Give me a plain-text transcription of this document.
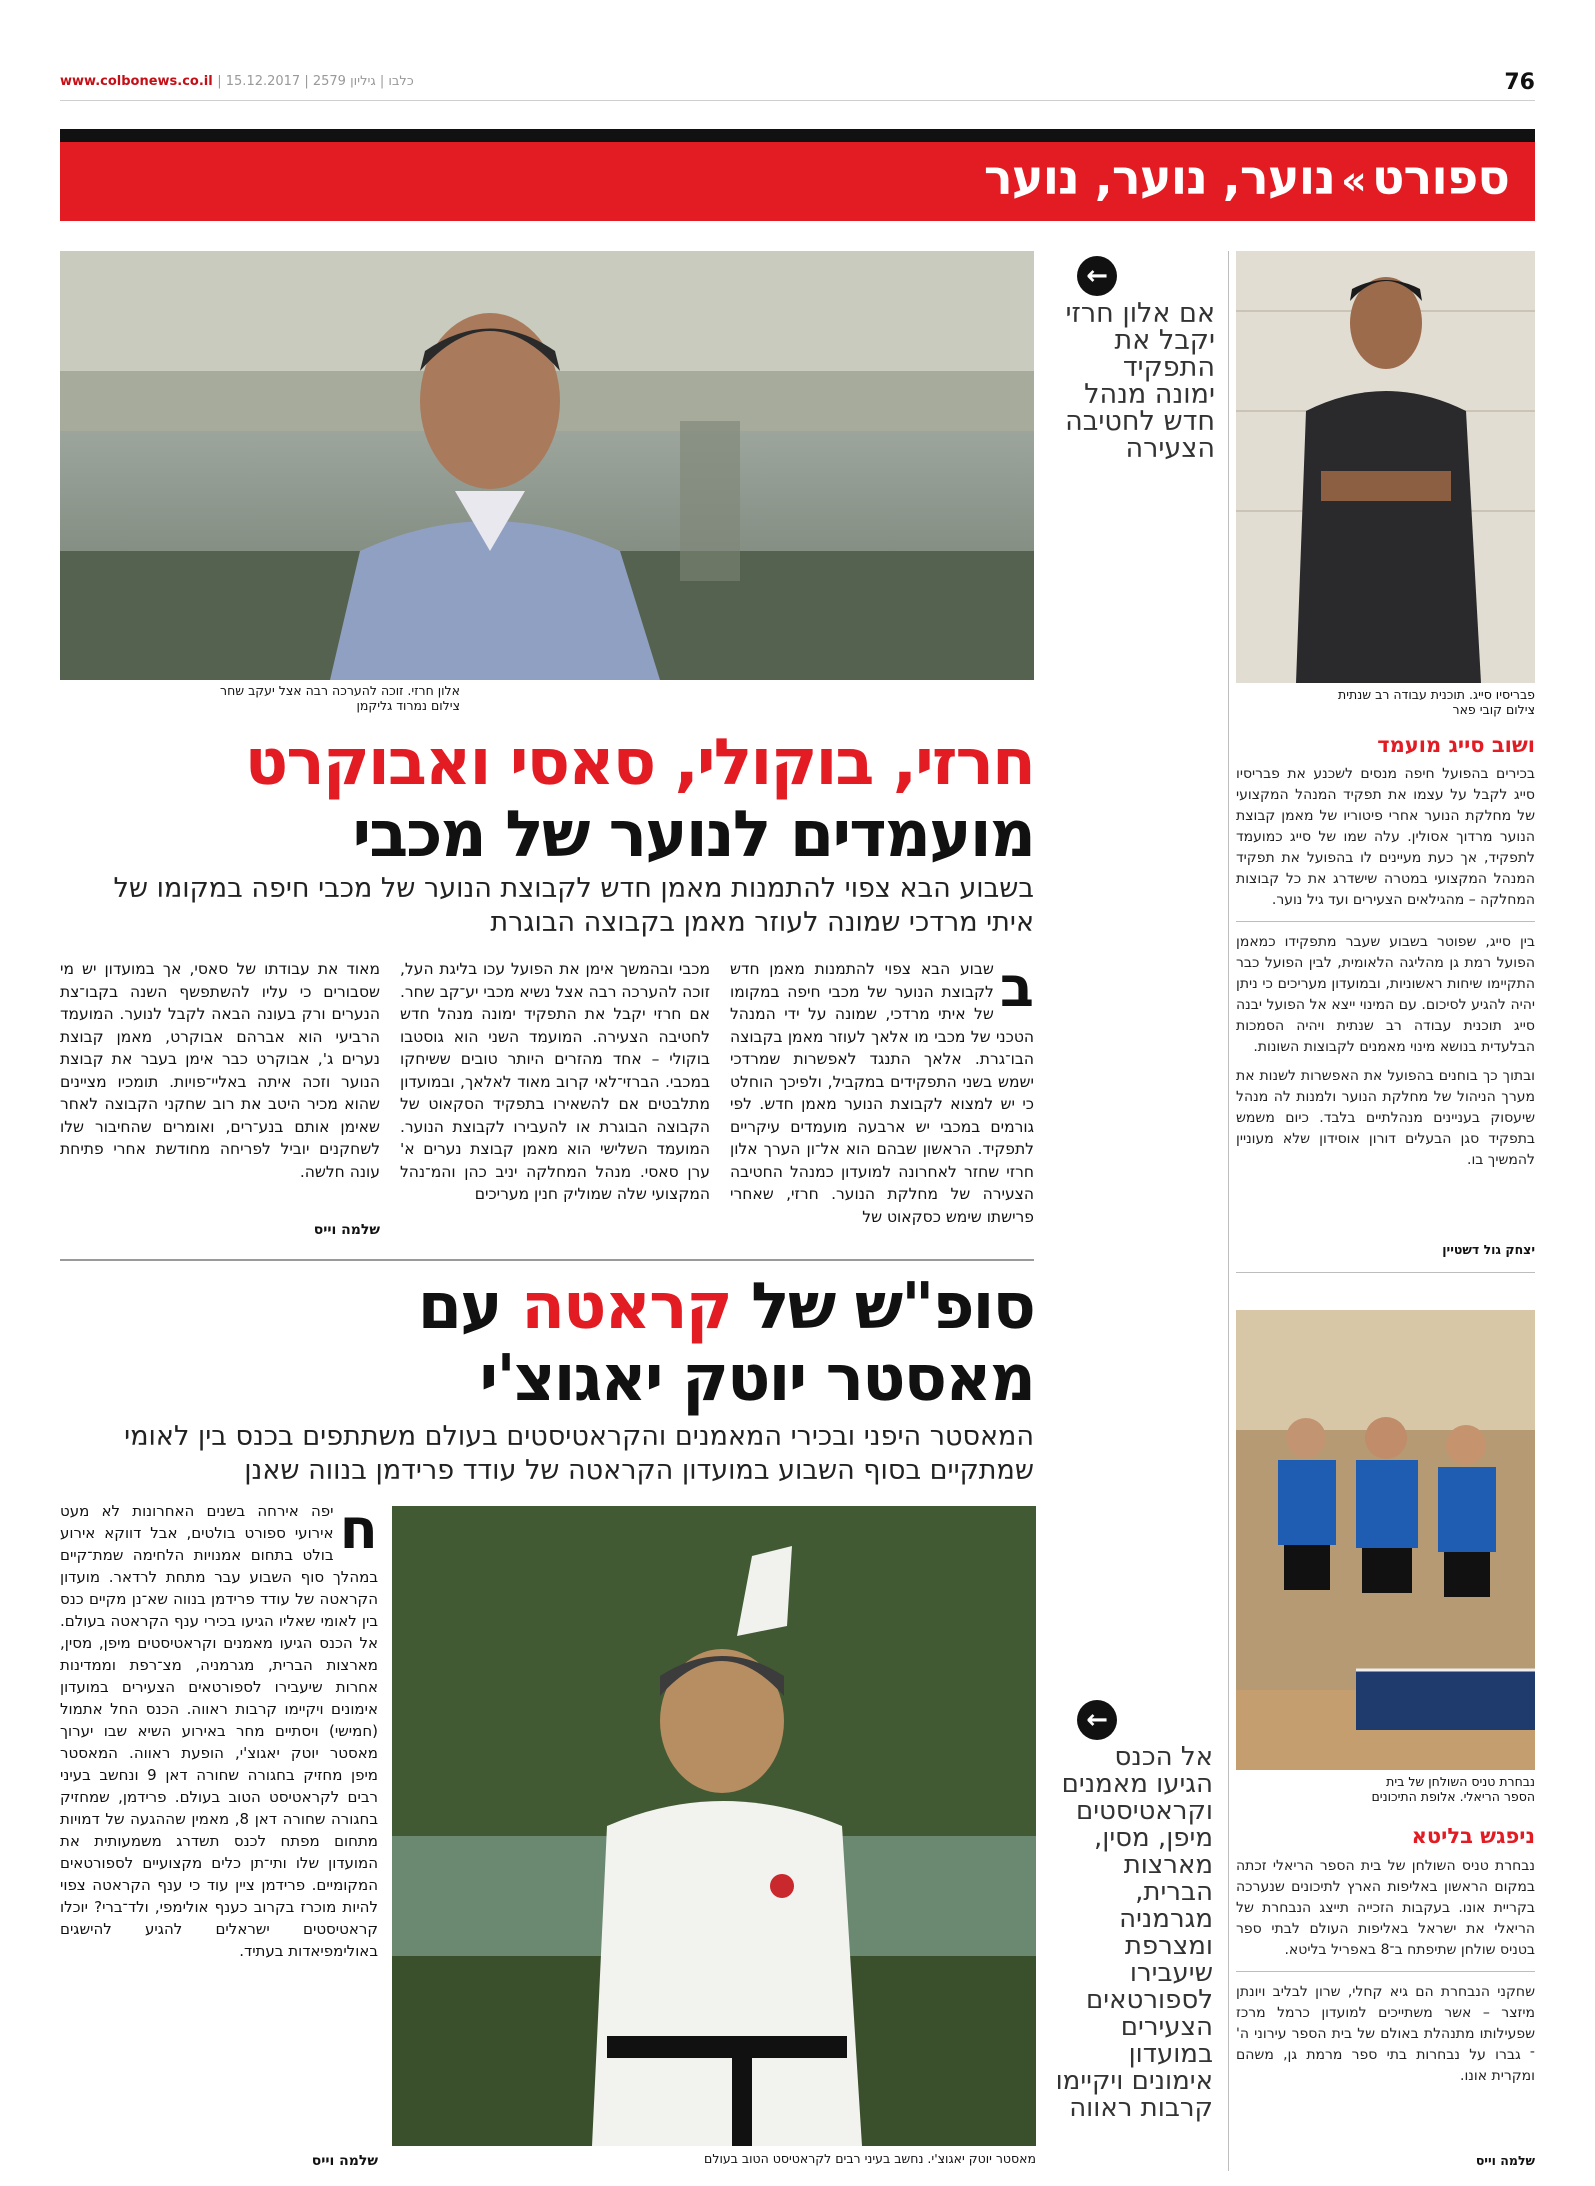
www.colbonews.co.il | כלבו | גיליון 2579 | 15.12.2017	76
ספורט»נוער, נוער, נוער
אלון חרזי. זוכה להערכה רבה אצל יעקב שחר
צילום נמרוד גליקמן
←
אם אלון חרזי יקבל את התפקיד ימונה מנהל חדש לחטיבה הצעירה
פבריסיו סייג. תוכנית עבודה רב שנתית
צילום קובי פאר
ושוב סייג מועמד
בכירים בהפועל חיפה מנסים לשכנע את פבריסיו סייג לקבל על עצמו את תפקיד המנהל המקצועי של מחלקת הנוער אחרי פיטוריו של מאמן קבוצת הנוער מרדוך אסולין. עלה שמו של סייג כמועמד לתפקיד, אך כעת מעיינים לו בהפועל את תפקיד המנהל המקצועי במטרה שישדרג את כל קבוצות המחלקה – מהגילאים הצעירים ועד גיל נוער.
בין סייג, שפוטר בשבוע שעבר מתפקידו כמאמן הפועל רמת גן מהליגה הלאומית, לבין הפועל כבר התקיימו שיחות ראשוניות, ובמועדון מעריכים כי ניתן יהיה להגיע לסיכום. עם המינוי ייצא אל הפועל יבנה סייג תוכנית עבודה רב שנתית ויהיה הסמכות הבלעדית בנושא מינוי מאמנים לקבוצות השונות.
ובתוך כך בוחנים בהפועל את האפשרות לשנות את מערך הניהול של מחלקת הנוער ולמנות לה מנהל שיעסוק בעניינים מנהלתיים בלבד. כיום משמש בתפקיד סגן הבעלים דורון אוסידון שלא מעוניין להמשיך בו.
יצחק גול דשטיין
חרזי, בוקולי, סאסי ואבוקרט
מועמדים לנוער של מכבי
בשבוע הבא צפוי להתמנות מאמן חדש לקבוצת הנוער של מכבי חיפה במקומו של איתי מרדכי שמונה לעוזר מאמן בקבוצה הבוגרת
ב
שבוע הבא צפוי להתמנות מאמן חדש לקבוצת הנוער של מכבי חיפה במקומו של איתי מרדכי, שמונה על ידי המנהל הטכני של מכבי מו אלאך לעוזר מאמן בקבוצה הבו־גרת. אלאך התנגד לאפשרות שמרדכי ישמש בשני התפקידים במקביל, ולפיכך הוחלט כי יש למצוא לקבוצת הנוער מאמן חדש. לפי גורמים במכבי יש ארבעה מועמדים עיקריים לתפקיד. הראשון שבהם הוא אל־ון הערך אלון חרזי שחזר לאחרונה למועדון כמנהל החטיבה הצעירה של מחלקת הנוער. חרזי, שאחרי פרישתו שימש כסקאוט של
מכבי ובהמשך אימן את הפועל עכו בליגת העל, זוכה להערכה רבה אצל נשיא מכבי יע־קב שחר. אם חרזי יקבל את התפקיד ימונה מנהל חדש לחטיבה הצעירה. המועמד השני הוא גוסטבו בוקולי – אחד מהזרים היותר טובים ששיחקו במכבי. הברזי־לאי קרוב מאוד לאלאך, ובמועדון מתלבטים אם להשאירו בתפקיד הסקאוט של הקבוצה הבוגרת או להעבירו לקבוצת הנוער. המועמד השלישי הוא מאמן קבוצת נערים א' ערן סאסי. מנהל המחלקה יניב כהן והמ־נהל המקצועי שלה שמוליק חנין מעריכים
מאוד את עבודתו של סאסי, אך במועדון יש מי שסבורים כי עליו להשתפשף השנה בקבו־צת הנערים ורק בעונה הבאה לקבל לנוער. המועמד הרביעי הוא אברהם אבוקרט, מאמן קבוצת נערים ג', אבוקרט כבר אימן בעבר את קבוצת הנוער וזכה איתה באליי־פויות. תומכיו מציינים שהוא מכיר היטב את רוב שחקני הקבוצה לאחר שאימן אותם בנע־רים, ואומרים שהחיבור שלו לשחקנים יוביל לפריחה מחודשת אחרי פתיחת עונה חלשה.
שלמה וייס
סופ"ש של קראטה עם
מאסטר יוטק יאגוצ'י
המאסטר היפני ובכירי המאמנים והקראטיסטים בעולם משתתפים בכנס בין לאומי שמתקיים בסוף השבוע במועדון הקראטה של עודד פרידמן בנווה שאנן
ח
יפה אירחה בשנים האחרונות לא מעט אירועי ספורט בולטים, אבל דווקא אירוע בולט בתחום אמנויות הלחימה שמת־קיים במהלך סוף השבוע עבר מתחת לרדאר. מועדון הקראטה של עודד פרידמן בנווה שא־נן מקיים כנס בין לאומי שאליו הגיעו בכירי ענף הקראטה בעולם. אל הכנס הגיעו מאמנים וקראטיסטים מיפן, מסין, מארצות הברית, מגרמניה, מצ־רפת וממדינות אחרות שיעבירו לספורטאים הצעירים במועדון אימונים ויקיימו קרבות ראווה. הכנס החל אתמול (חמישי) ויסתיים מחר באירוע השיא שבו יערוך מאסטר יוטק יאגוצ'י, הופעת ראווה. המאסטר מיפן מחזיק בחגורה שחורה דאן 9 ונחשב בעיני רבים לקראטיסט הטוב בעולם. פרידמן, שמחזיק בחגורה שחורה דאן 8, מאמין שההגעה של דמויות מתחום מפתח לכנס תשדרג משמעותית את המועדון שלו ותי־תן כלים מקצועיים לספורטאים המקומיים. פרידמן ציין עוד כי ענף הקראטה צפוי להיות מוכרז בקרוב כענף אולימפי, ולד־ברי? יוכלו קראטיסטים ישראלים להגיע להישגים באולימפיאדות בעתיד.
שלמה וייס	מאסטר יוטק יאגוצ'י. נחשב בעיני רבים לקראטיסט הטוב בעולם
←
אל הכנס הגיעו מאמנים וקראטיסטים מיפן, מסין, מארצות הברית, מגרמניה ומצרפת שיעבירו לספורטאים הצעירים במועדון אימונים ויקיימו קרבות ראווה
נבחרת טניס השולחן של בית
הספר הריאלי. אלופת התיכונים
ניפגש בליטא
נבחרת טניס השולחן של בית הספר הריאלי זכתה במקום הראשון באליפות הארץ לתיכונים שנערכה בקריית אונו. בעקבות הזכייה תייצג הנבחרת של הריאלי את ישראל באליפות העולם לבתי ספר בטניס שולחן שתיפתח ב־8 באפריל בליטא.
שחקני הנבחרת הם גיא קחלי, שרון לבליב ויונתן מיזצר – אשר משתייכים למועדון כרמל מרכז שפעילותו מתנהלת באולם של בית הספר עירוני ה' ־ גברו על נבחרות בתי ספר מרמת גן, משהם ומקרית אונו.
שלמה וייס
